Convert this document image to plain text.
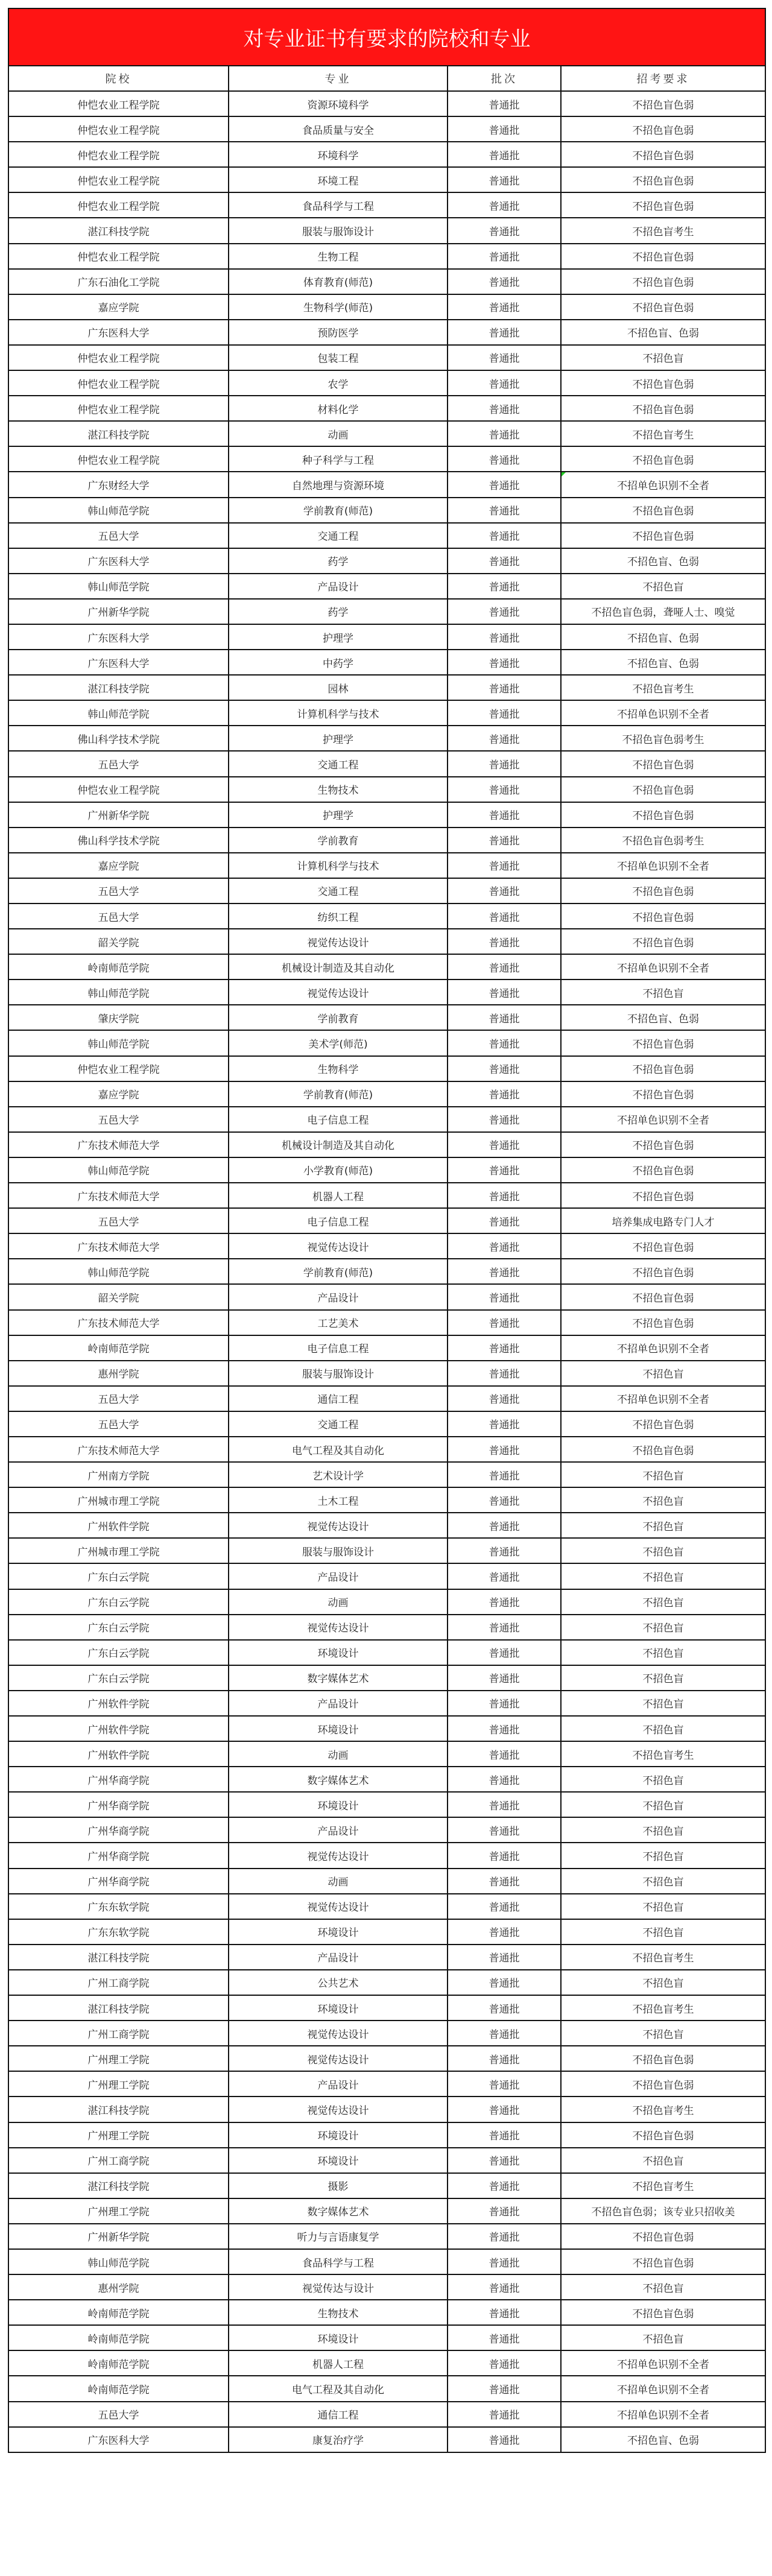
对专业证书有要求的院校和专业
院校	专业	批次	招考要求
仲恺农业工程学院	资源环境科学	普通批	不招色盲色弱
仲恺农业工程学院	食品质量与安全	普通批	不招色盲色弱
仲恺农业工程学院	环境科学	普通批	不招色盲色弱
仲恺农业工程学院	环境工程	普通批	不招色盲色弱
仲恺农业工程学院	食品科学与工程	普通批	不招色盲色弱
湛江科技学院	服装与服饰设计	普通批	不招色盲考生
仲恺农业工程学院	生物工程	普通批	不招色盲色弱
广东石油化工学院	体育教育(师范)	普通批	不招色盲色弱
嘉应学院	生物科学(师范)	普通批	不招色盲色弱
广东医科大学	预防医学	普通批	不招色盲、色弱
仲恺农业工程学院	包装工程	普通批	不招色盲
仲恺农业工程学院	农学	普通批	不招色盲色弱
仲恺农业工程学院	材料化学	普通批	不招色盲色弱
湛江科技学院	动画	普通批	不招色盲考生
仲恺农业工程学院	种子科学与工程	普通批	不招色盲色弱
广东财经大学	自然地理与资源环境	普通批	不招单色识别不全者

韩山师范学院	学前教育(师范)	普通批	不招色盲色弱
五邑大学	交通工程	普通批	不招色盲色弱
广东医科大学	药学	普通批	不招色盲、色弱
韩山师范学院	产品设计	普通批	不招色盲
广州新华学院	药学	普通批	不招色盲色弱，聋哑人士、嗅觉
广东医科大学	护理学	普通批	不招色盲、色弱
广东医科大学	中药学	普通批	不招色盲、色弱
湛江科技学院	园林	普通批	不招色盲考生
韩山师范学院	计算机科学与技术	普通批	不招单色识别不全者
佛山科学技术学院	护理学	普通批	不招色盲色弱考生
五邑大学	交通工程	普通批	不招色盲色弱
仲恺农业工程学院	生物技术	普通批	不招色盲色弱
广州新华学院	护理学	普通批	不招色盲色弱
佛山科学技术学院	学前教育	普通批	不招色盲色弱考生
嘉应学院	计算机科学与技术	普通批	不招单色识别不全者
五邑大学	交通工程	普通批	不招色盲色弱
五邑大学	纺织工程	普通批	不招色盲色弱
韶关学院	视觉传达设计	普通批	不招色盲色弱
岭南师范学院	机械设计制造及其自动化	普通批	不招单色识别不全者
韩山师范学院	视觉传达设计	普通批	不招色盲
肇庆学院	学前教育	普通批	不招色盲、色弱
韩山师范学院	美术学(师范)	普通批	不招色盲色弱
仲恺农业工程学院	生物科学	普通批	不招色盲色弱
嘉应学院	学前教育(师范)	普通批	不招色盲色弱
五邑大学	电子信息工程	普通批	不招单色识别不全者
广东技术师范大学	机械设计制造及其自动化	普通批	不招色盲色弱
韩山师范学院	小学教育(师范)	普通批	不招色盲色弱
广东技术师范大学	机器人工程	普通批	不招色盲色弱
五邑大学	电子信息工程	普通批	培养集成电路专门人才
广东技术师范大学	视觉传达设计	普通批	不招色盲色弱
韩山师范学院	学前教育(师范)	普通批	不招色盲色弱
韶关学院	产品设计	普通批	不招色盲色弱
广东技术师范大学	工艺美术	普通批	不招色盲色弱
岭南师范学院	电子信息工程	普通批	不招单色识别不全者
惠州学院	服装与服饰设计	普通批	不招色盲
五邑大学	通信工程	普通批	不招单色识别不全者
五邑大学	交通工程	普通批	不招色盲色弱
广东技术师范大学	电气工程及其自动化	普通批	不招色盲色弱
广州南方学院	艺术设计学	普通批	不招色盲
广州城市理工学院	土木工程	普通批	不招色盲
广州软件学院	视觉传达设计	普通批	不招色盲
广州城市理工学院	服装与服饰设计	普通批	不招色盲
广东白云学院	产品设计	普通批	不招色盲
广东白云学院	动画	普通批	不招色盲
广东白云学院	视觉传达设计	普通批	不招色盲
广东白云学院	环境设计	普通批	不招色盲
广东白云学院	数字媒体艺术	普通批	不招色盲
广州软件学院	产品设计	普通批	不招色盲
广州软件学院	环境设计	普通批	不招色盲
广州软件学院	动画	普通批	不招色盲考生
广州华商学院	数字媒体艺术	普通批	不招色盲
广州华商学院	环境设计	普通批	不招色盲
广州华商学院	产品设计	普通批	不招色盲
广州华商学院	视觉传达设计	普通批	不招色盲
广州华商学院	动画	普通批	不招色盲
广东东软学院	视觉传达设计	普通批	不招色盲
广东东软学院	环境设计	普通批	不招色盲
湛江科技学院	产品设计	普通批	不招色盲考生
广州工商学院	公共艺术	普通批	不招色盲
湛江科技学院	环境设计	普通批	不招色盲考生
广州工商学院	视觉传达设计	普通批	不招色盲
广州理工学院	视觉传达设计	普通批	不招色盲色弱
广州理工学院	产品设计	普通批	不招色盲色弱
湛江科技学院	视觉传达设计	普通批	不招色盲考生
广州理工学院	环境设计	普通批	不招色盲色弱
广州工商学院	环境设计	普通批	不招色盲
湛江科技学院	摄影	普通批	不招色盲考生
广州理工学院	数字媒体艺术	普通批	不招色盲色弱；该专业只招收美
广州新华学院	听力与言语康复学	普通批	不招色盲色弱
韩山师范学院	食品科学与工程	普通批	不招色盲色弱
惠州学院	视觉传达与设计	普通批	不招色盲
岭南师范学院	生物技术	普通批	不招色盲色弱
岭南师范学院	环境设计	普通批	不招色盲
岭南师范学院	机器人工程	普通批	不招单色识别不全者
岭南师范学院	电气工程及其自动化	普通批	不招单色识别不全者
五邑大学	通信工程	普通批	不招单色识别不全者
广东医科大学	康复治疗学	普通批	不招色盲、色弱
